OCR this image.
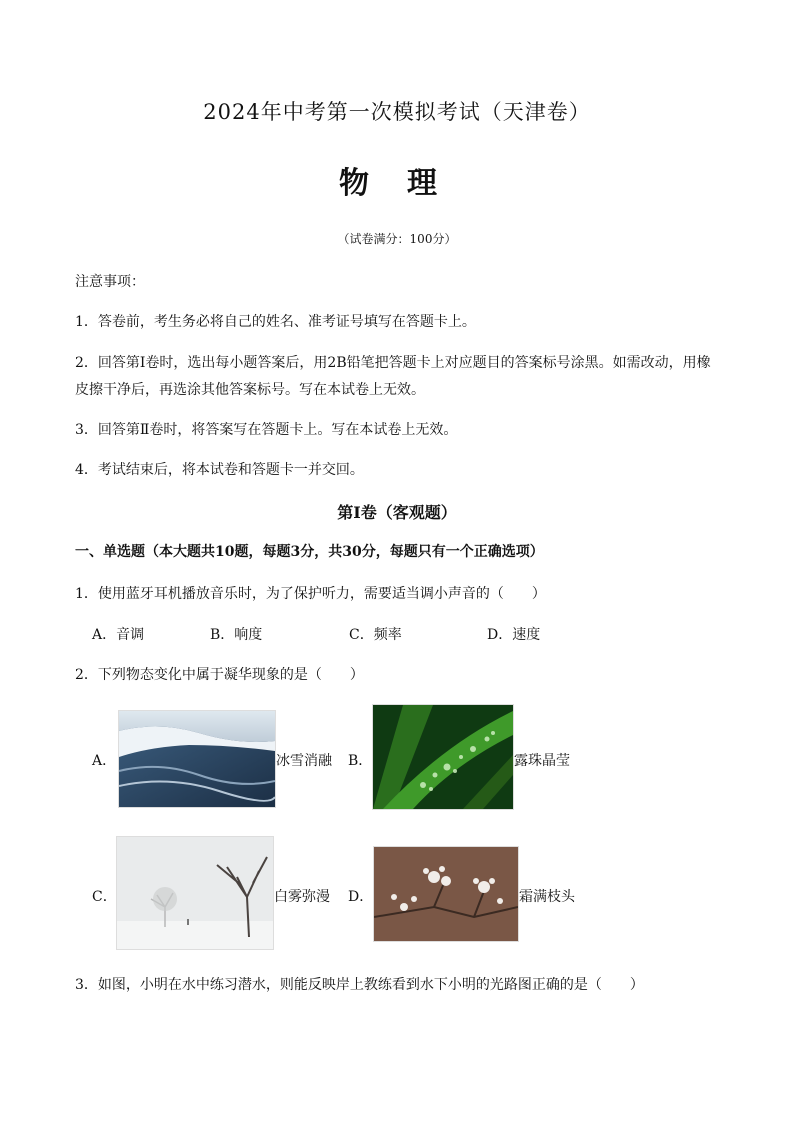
2024年中考第一次模拟考试（天津卷）
物理
（试卷满分：100分）
注意事项：
1．答卷前，考生务必将自己的姓名、准考证号填写在答题卡上。
2．回答第Ⅰ卷时，选出每小题答案后，用2B铅笔把答题卡上对应题目的答案标号涂黑。如需改动，用橡
皮擦干净后，再选涂其他答案标号。写在本试卷上无效。
3．回答第Ⅱ卷时，将答案写在答题卡上。写在本试卷上无效。
4．考试结束后，将本试卷和答题卡一并交回。
第Ⅰ卷（客观题）
一、单选题（本大题共10题，每题3分，共30分，每题只有一个正确选项）
1．使用蓝牙耳机播放音乐时，为了保护听力，需要适当调小声音的（　　）
A．音调	B．响度	C．频率	D．速度
2．下列物态变化中属于凝华现象的是（　　）
A．	冰雪消融 B．	露珠晶莹
C．	白雾弥漫 D．	霜满枝头
3．如图，小明在水中练习潜水，则能反映岸上教练看到水下小明的光路图正确的是（　　）
